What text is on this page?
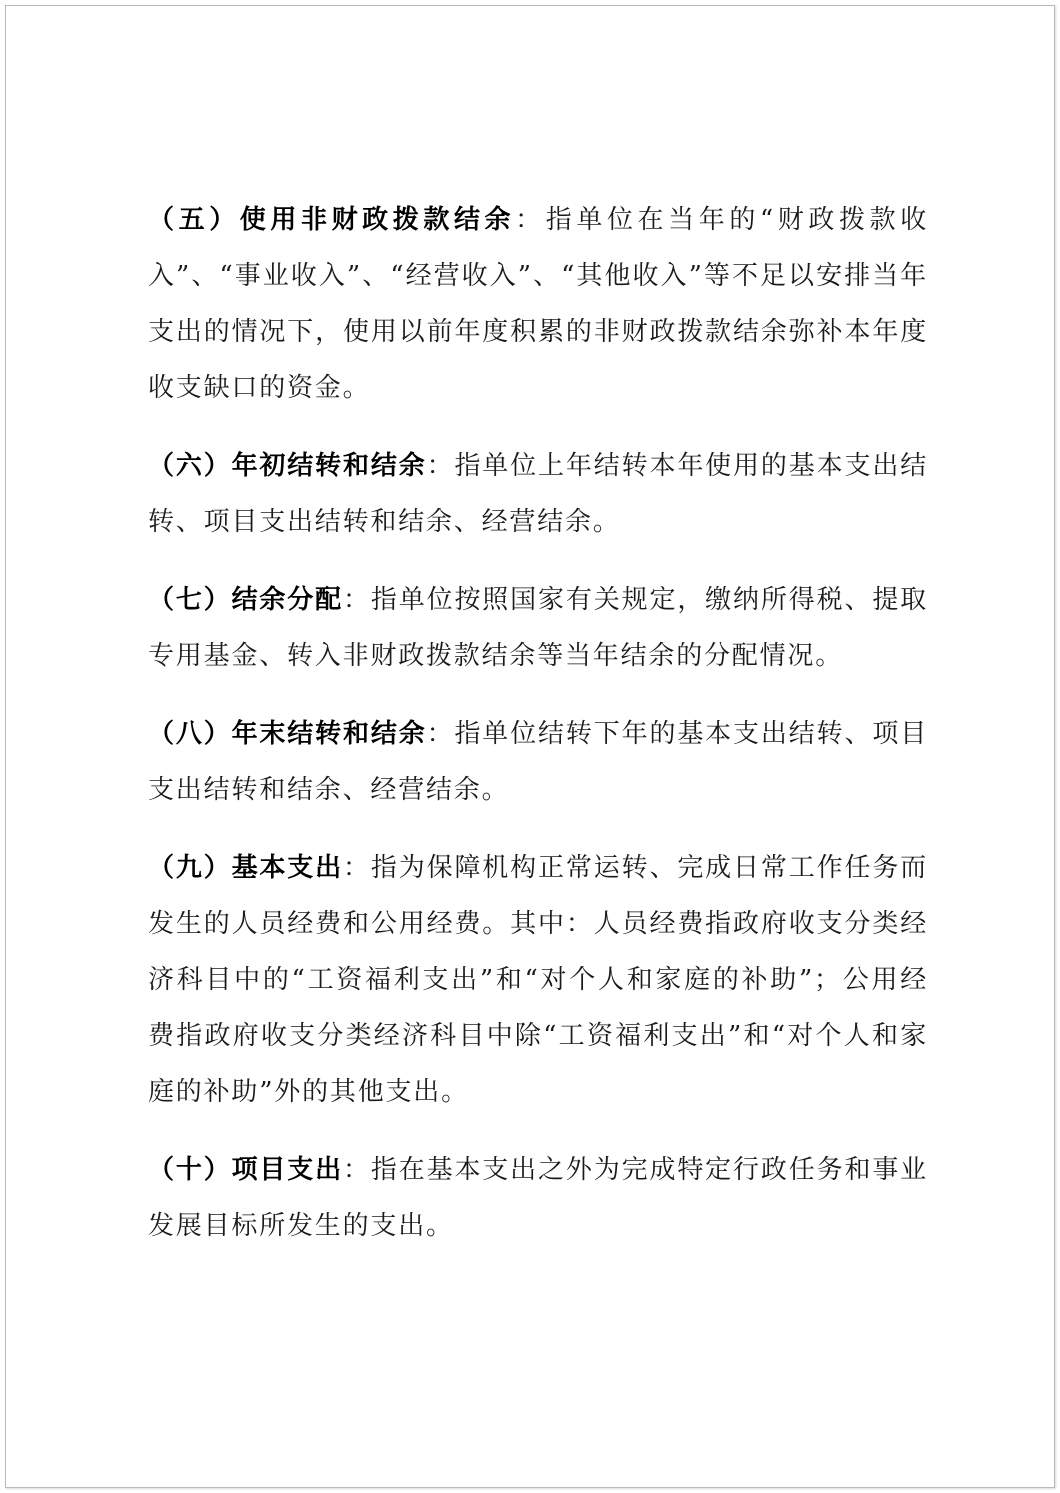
（五）使用非财政拨款结余：指单位在当年的“财政拨款收入”、“事业收入”、“经营收入”、“其他收入”等不足以安排当年支出的情况下，使用以前年度积累的非财政拨款结余弥补本年度收支缺口的资金。

（六）年初结转和结余：指单位上年结转本年使用的基本支出结转、项目支出结转和结余、经营结余。

（七）结余分配：指单位按照国家有关规定，缴纳所得税、提取专用基金、转入非财政拨款结余等当年结余的分配情况。

（八）年末结转和结余：指单位结转下年的基本支出结转、项目支出结转和结余、经营结余。

（九）基本支出：指为保障机构正常运转、完成日常工作任务而发生的人员经费和公用经费。其中：人员经费指政府收支分类经济科目中的“工资福利支出”和“对个人和家庭的补助”；公用经费指政府收支分类经济科目中除“工资福利支出”和“对个人和家庭的补助”外的其他支出。

（十）项目支出：指在基本支出之外为完成特定行政任务和事业发展目标所发生的支出。
